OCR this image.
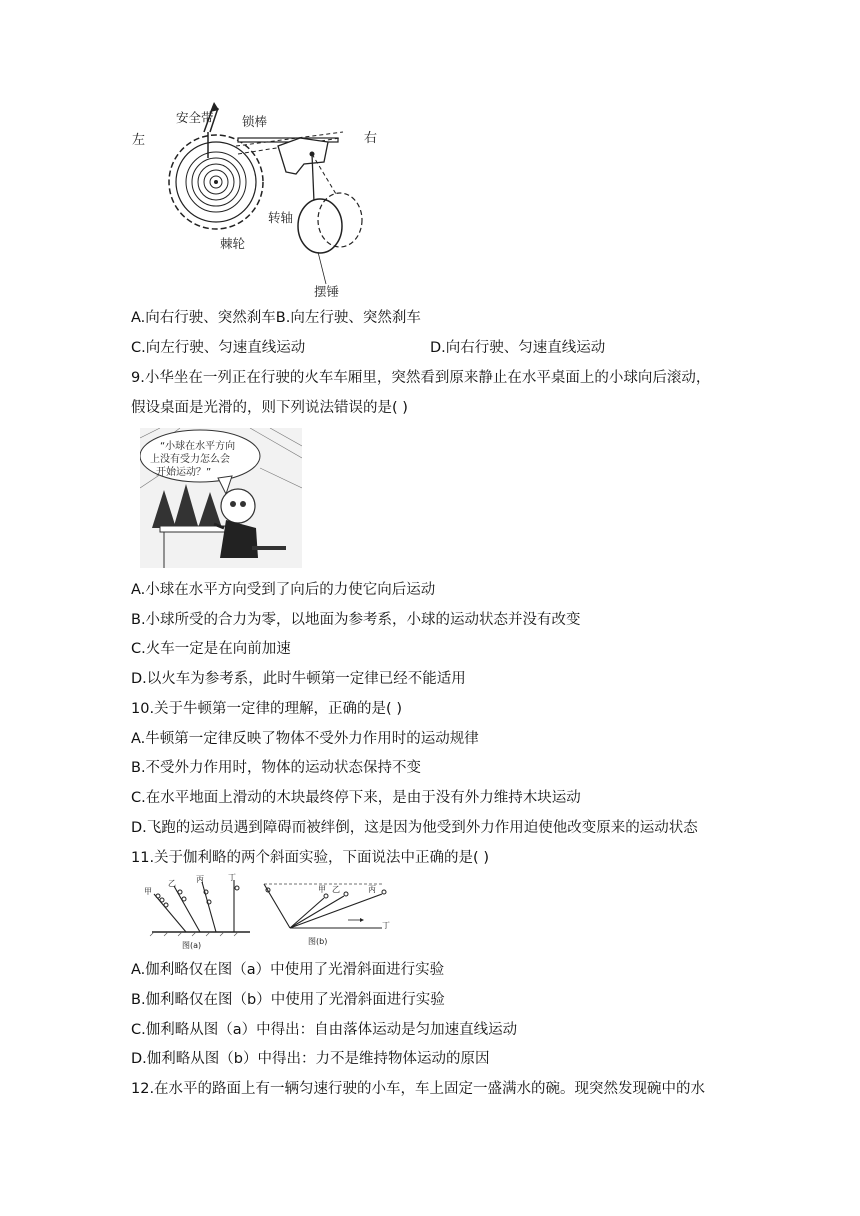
安全带
左
锁棒
右
转轴
棘轮
摆锤
A.向右行驶、突然刹车B.向左行驶、突然刹车
C.向左行驶、匀速直线运动	D.向右行驶、匀速直线运动
9.小华坐在一列正在行驶的火车车厢里，突然看到原来静止在水平桌面上的小球向后滚动，
假设桌面是光滑的，则下列说法错误的是( )
“小球在水平方向
上没有受力怎么会
开始运动？”
A.小球在水平方向受到了向后的力使它向后运动
B.小球所受的合力为零，以地面为参考系，小球的运动状态并没有改变
C.火车一定是在向前加速
D.以火车为参考系，此时牛顿第一定律已经不能适用
10.关于牛顿第一定律的理解，正确的是( )
A.牛顿第一定律反映了物体不受外力作用时的运动规律
B.不受外力作用时，物体的运动状态保持不变
C.在水平地面上滑动的木块最终停下来，是由于没有外力维持木块运动
D.飞跑的运动员遇到障碍而被绊倒，这是因为他受到外力作用迫使他改变原来的运动状态
11.关于伽利略的两个斜面实验，下面说法中正确的是( )
甲
乙	丙	丁
图(a)
甲 乙	丙
丁
图(b)
A.伽利略仅在图（a）中使用了光滑斜面进行实验
B.伽利略仅在图（b）中使用了光滑斜面进行实验
C.伽利略从图（a）中得出：自由落体运动是匀加速直线运动
D.伽利略从图（b）中得出：力不是维持物体运动的原因
12.在水平的路面上有一辆匀速行驶的小车，车上固定一盛满水的碗。现突然发现碗中的水
